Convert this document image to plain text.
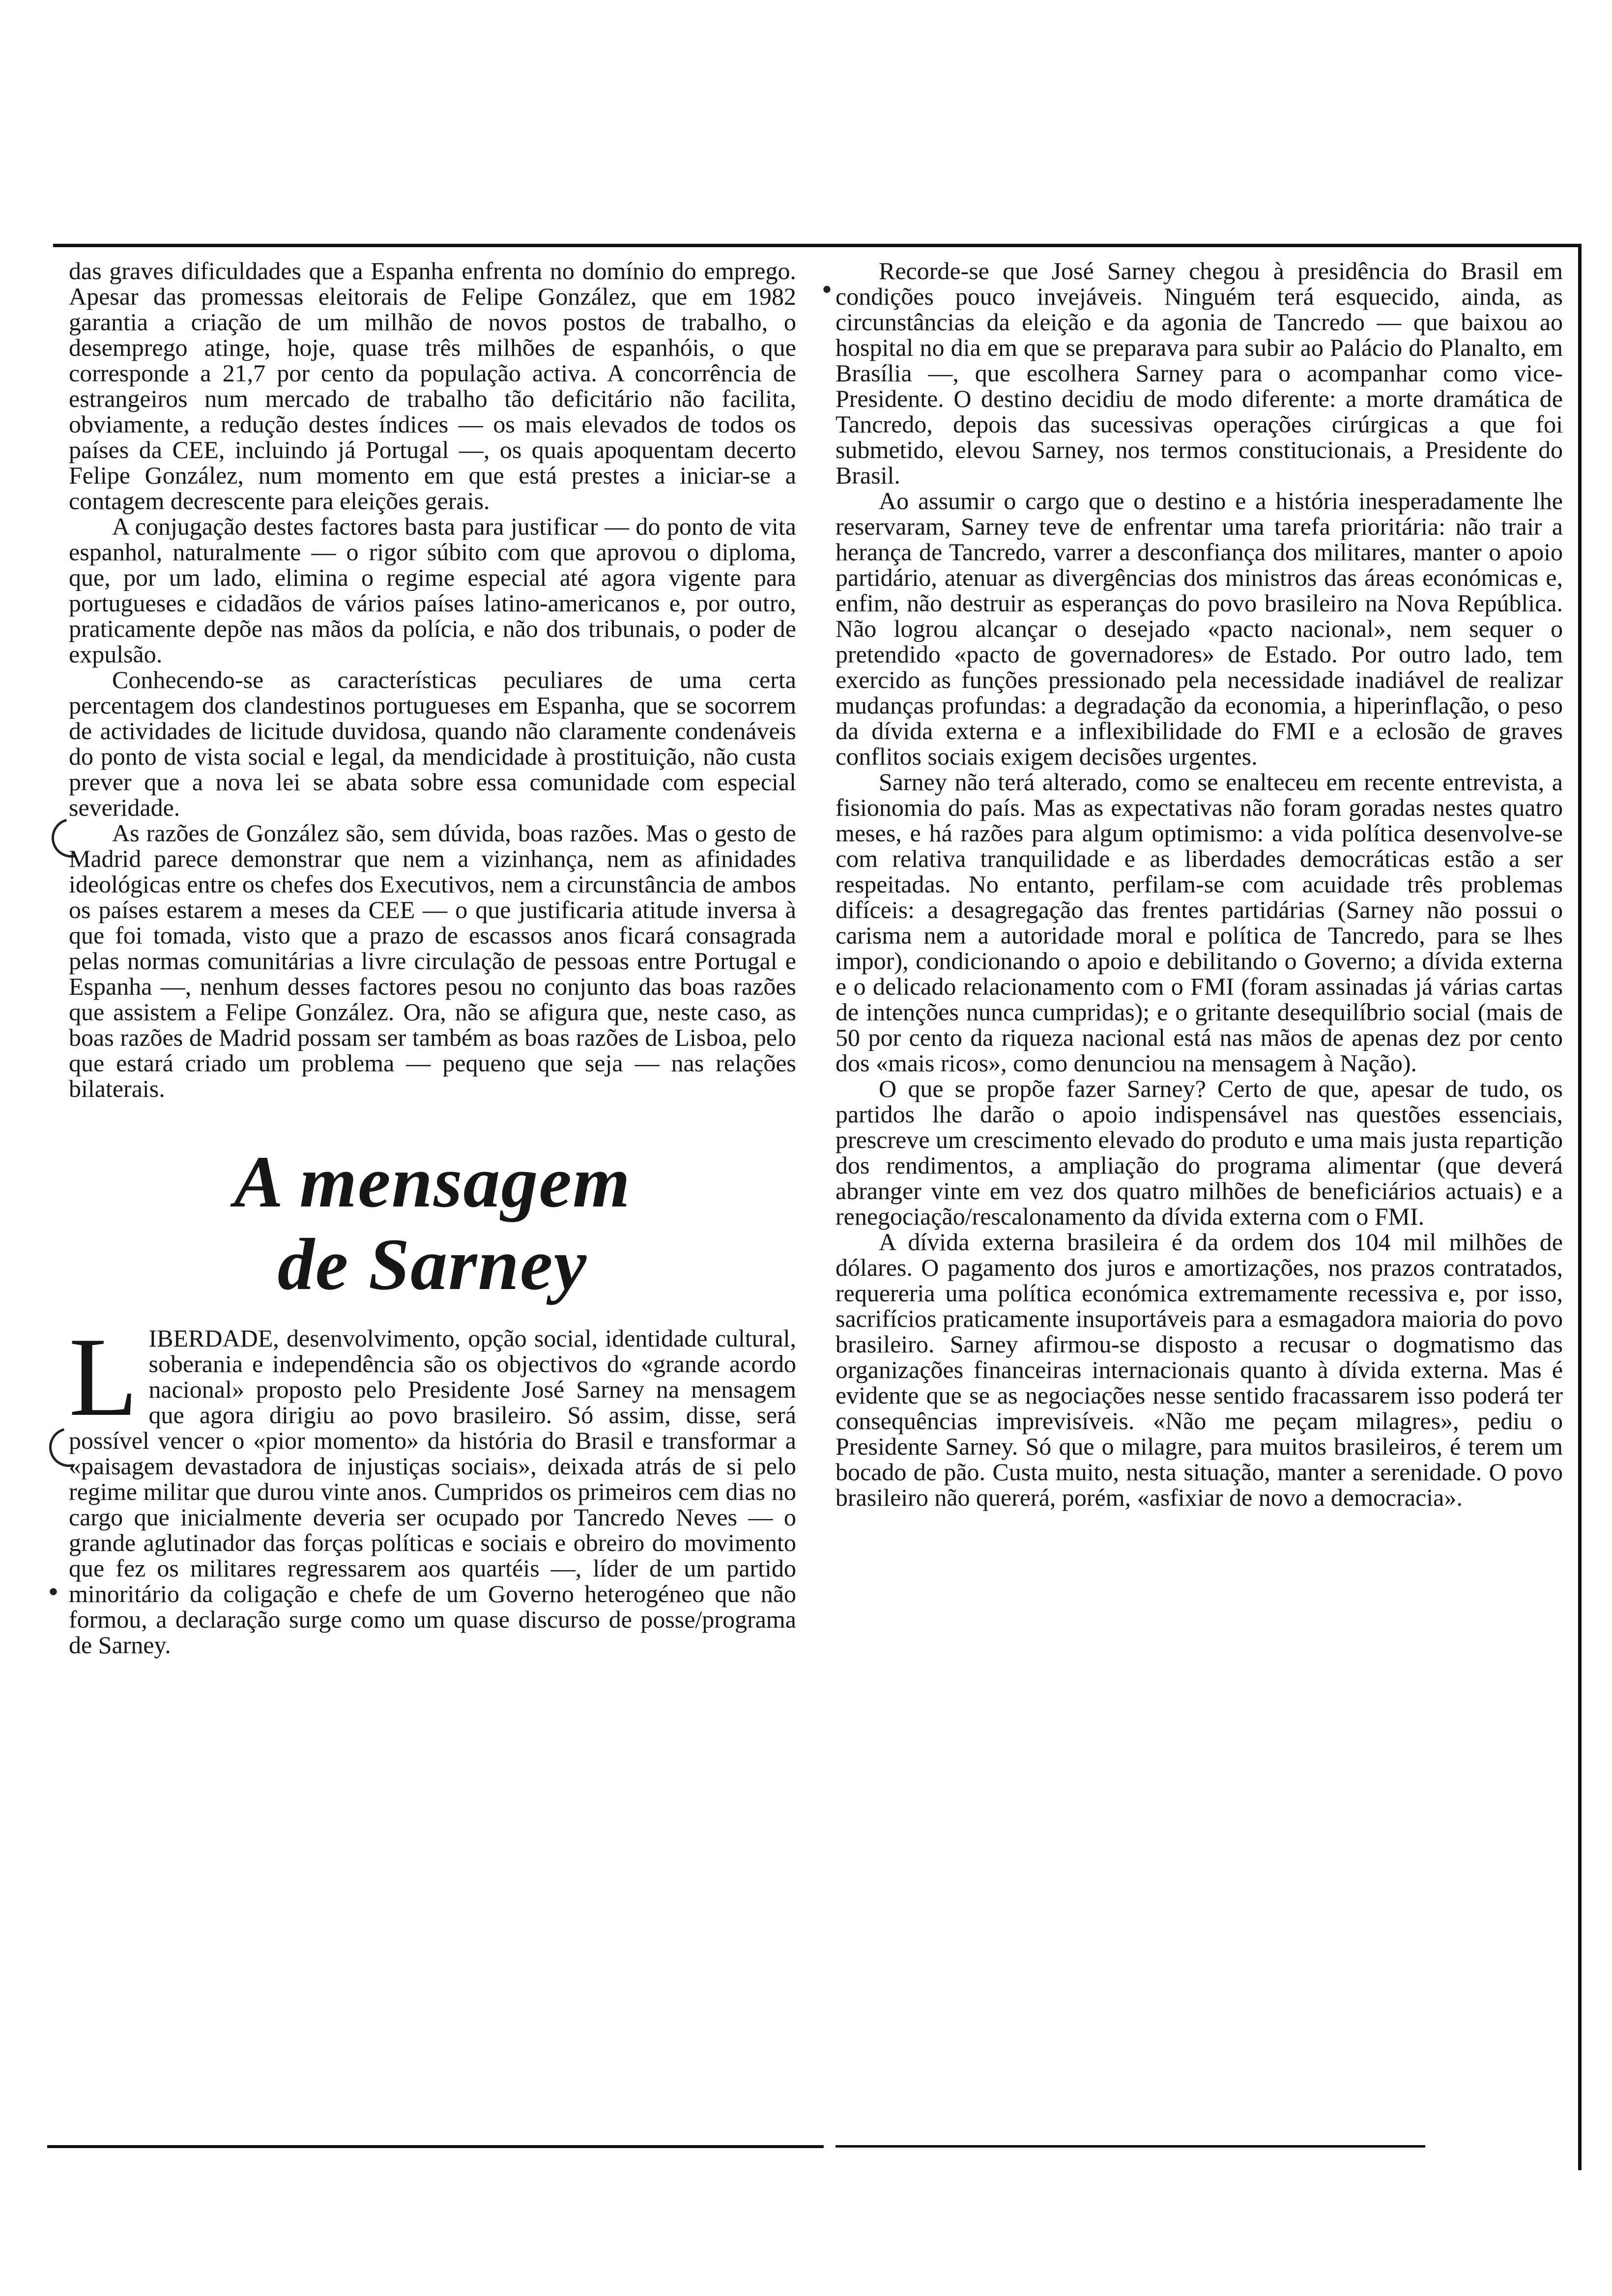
•
•

das graves dificuldades que a Espanha enfrenta no domínio do emprego. Apesar das promessas eleitorais de Felipe González, que em 1982 garantia a criação de um milhão de novos postos de trabalho, o desemprego atinge, hoje, quase três milhões de espanhóis, o que corresponde a 21,7 por cento da população activa. A concorrência de estrangeiros num mercado de trabalho tão deficitário não facilita, obviamente, a redução destes índices — os mais elevados de todos os países da CEE, incluindo já Portugal —, os quais apoquentam decerto Felipe González, num momento em que está prestes a iniciar-se a contagem decrescente para eleições gerais.

A conjugação destes factores basta para justificar — do ponto de vita espanhol, naturalmente — o rigor súbito com que aprovou o diploma, que, por um lado, elimina o regime especial até agora vigente para portugueses e cidadãos de vários países latino-americanos e, por outro, praticamente depõe nas mãos da polícia, e não dos tribunais, o poder de expulsão.

Conhecendo-se as características peculiares de uma certa percentagem dos clandestinos portugueses em Espanha, que se socorrem de actividades de licitude duvidosa, quando não claramente condenáveis do ponto de vista social e legal, da mendicidade à prostituição, não custa prever que a nova lei se abata sobre essa comunidade com especial severidade.

As razões de González são, sem dúvida, boas razões. Mas o gesto de Madrid parece demonstrar que nem a vizinhança, nem as afinidades ideológicas entre os chefes dos Executivos, nem a circunstância de ambos os países estarem a meses da CEE — o que justificaria atitude inversa à que foi tomada, visto que a prazo de escassos anos ficará consagrada pelas normas comunitárias a livre circulação de pessoas entre Portugal e Espanha —, nenhum desses factores pesou no conjunto das boas razões que assistem a Felipe González. Ora, não se afigura que, neste caso, as boas razões de Madrid possam ser também as boas razões de Lisboa, pelo que estará criado um problema — pequeno que seja — nas relações bilaterais.

A mensagem
de Sarney

L IBERDADE, desenvolvimento, opção social, identidade cultural, soberania e independência são os objectivos do «grande acordo nacional» proposto pelo Presidente José Sarney na mensagem que agora dirigiu ao povo brasileiro. Só assim, disse, será possível vencer o «pior momento» da história do Brasil e transformar a «paisagem devastadora de injustiças sociais», deixada atrás de si pelo regime militar que durou vinte anos. Cumpridos os primeiros cem dias no cargo que inicialmente deveria ser ocupado por Tancredo Neves — o grande aglutinador das forças políticas e sociais e obreiro do movimento que fez os militares regressarem aos quartéis —, líder de um partido minoritário da coligação e chefe de um Governo heterogéneo que não formou, a declaração surge como um quase discurso de posse/programa de Sarney.

Recorde-se que José Sarney chegou à presidência do Brasil em condições pouco invejáveis. Ninguém terá esquecido, ainda, as circunstâncias da eleição e da agonia de Tancredo — que baixou ao hospital no dia em que se preparava para subir ao Palácio do Planalto, em Brasília —, que escolhera Sarney para o acompanhar como vice-Presidente. O destino decidiu de modo diferente: a morte dramática de Tancredo, depois das sucessivas operações cirúrgicas a que foi submetido, elevou Sarney, nos termos constitucionais, a Presidente do Brasil.

Ao assumir o cargo que o destino e a história inesperadamente lhe reservaram, Sarney teve de enfrentar uma tarefa prioritária: não trair a herança de Tancredo, varrer a desconfiança dos militares, manter o apoio partidário, atenuar as divergências dos ministros das áreas económicas e, enfim, não destruir as esperanças do povo brasileiro na Nova República. Não logrou alcançar o desejado «pacto nacional», nem sequer o pretendido «pacto de governadores» de Estado. Por outro lado, tem exercido as funções pressionado pela necessidade inadiável de realizar mudanças profundas: a degradação da economia, a hiperinflação, o peso da dívida externa e a inflexibilidade do FMI e a eclosão de graves conflitos sociais exigem decisões urgentes.

Sarney não terá alterado, como se enalteceu em recente entrevista, a fisionomia do país. Mas as expectativas não foram goradas nestes quatro meses, e há razões para algum optimismo: a vida política desenvolve-se com relativa tranquilidade e as liberdades democráticas estão a ser respeitadas. No entanto, perfilam-se com acuidade três problemas difíceis: a desagregação das frentes partidárias (Sarney não possui o carisma nem a autoridade moral e política de Tancredo, para se lhes impor), condicionando o apoio e debilitando o Governo; a dívida externa e o delicado relacionamento com o FMI (foram assinadas já várias cartas de intenções nunca cumpridas); e o gritante desequilíbrio social (mais de 50 por cento da riqueza nacional está nas mãos de apenas dez por cento dos «mais ricos», como denunciou na mensagem à Nação).

O que se propõe fazer Sarney? Certo de que, apesar de tudo, os partidos lhe darão o apoio indispensável nas questões essenciais, prescreve um crescimento elevado do produto e uma mais justa repartição dos rendimentos, a ampliação do programa alimentar (que deverá abranger vinte em vez dos quatro milhões de beneficiários actuais) e a renegociação/rescalonamento da dívida externa com o FMI.

A dívida externa brasileira é da ordem dos 104 mil milhões de dólares. O pagamento dos juros e amortizações, nos prazos contratados, requereria uma política económica extremamente recessiva e, por isso, sacrifícios praticamente insuportáveis para a esmagadora maioria do povo brasileiro. Sarney afirmou-se disposto a recusar o dogmatismo das organizações financeiras internacionais quanto à dívida externa. Mas é evidente que se as negociações nesse sentido fracassarem isso poderá ter consequências imprevisíveis. «Não me peçam milagres», pediu o Presidente Sarney. Só que o milagre, para muitos brasileiros, é terem um bocado de pão. Custa muito, nesta situação, manter a serenidade. O povo brasileiro não quererá, porém, «asfixiar de novo a democracia».
